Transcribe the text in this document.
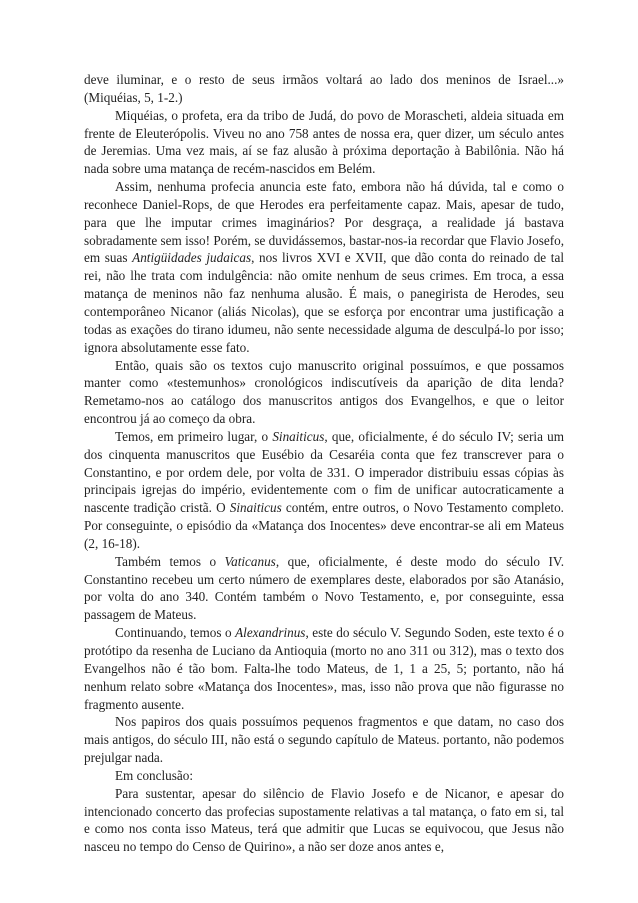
deve iluminar, e o resto de seus irmãos voltará ao lado dos meninos de Israel...» (Miquéias, 5, 1-2.)

Miquéias, o profeta, era da tribo de Judá, do povo de Morascheti, aldeia situada em frente de Eleuterópolis. Viveu no ano 758 antes de nossa era, quer dizer, um século antes de Jeremias. Uma vez mais, aí se faz alusão à próxima deportação à Babilônia. Não há nada sobre uma matança de recém-nascidos em Belém.

Assim, nenhuma profecia anuncia este fato, embora não há dúvida, tal e como o reconhece Daniel-Rops, de que Herodes era perfeitamente capaz. Mais, apesar de tudo, para que lhe imputar crimes imaginários? Por desgraça, a realidade já bastava sobradamente sem isso! Porém, se duvidássemos, bastar-nos-ia recordar que Flavio Josefo, em suas Antigüidades judaicas, nos livros XVI e XVII, que dão conta do reinado de tal rei, não lhe trata com indulgência: não omite nenhum de seus crimes. Em troca, a essa matança de meninos não faz nenhuma alusão. É mais, o panegirista de Herodes, seu contemporâneo Nicanor (aliás Nicolas), que se esforça por encontrar uma justificação a todas as exações do tirano idumeu, não sente necessidade alguma de desculpá-lo por isso; ignora absolutamente esse fato.

Então, quais são os textos cujo manuscrito original possuímos, e que possamos manter como «testemunhos» cronológicos indiscutíveis da aparição de dita lenda? Remetamo-nos ao catálogo dos manuscritos antigos dos Evangelhos, e que o leitor encontrou já ao começo da obra.

Temos, em primeiro lugar, o Sinaiticus, que, oficialmente, é do século IV; seria um dos cinquenta manuscritos que Eusébio da Cesaréia conta que fez transcrever para o Constantino, e por ordem dele, por volta de 331. O imperador distribuiu essas cópias às principais igrejas do império, evidentemente com o fim de unificar autocraticamente a nascente tradição cristã. O Sinaiticus contém, entre outros, o Novo Testamento completo. Por conseguinte, o episódio da «Matança dos Inocentes» deve encontrar-se ali em Mateus (2, 16-18).

Também temos o Vaticanus, que, oficialmente, é deste modo do século IV. Constantino recebeu um certo número de exemplares deste, elaborados por são Atanásio, por volta do ano 340. Contém também o Novo Testamento, e, por conseguinte, essa passagem de Mateus.

Continuando, temos o Alexandrinus, este do século V. Segundo Soden, este texto é o protótipo da resenha de Luciano da Antioquia (morto no ano 311 ou 312), mas o texto dos Evangelhos não é tão bom. Falta-lhe todo Mateus, de 1, 1 a 25, 5; portanto, não há nenhum relato sobre «Matança dos Inocentes», mas, isso não prova que não figurasse no fragmento ausente.

Nos papiros dos quais possuímos pequenos fragmentos e que datam, no caso dos mais antigos, do século III, não está o segundo capítulo de Mateus. portanto, não podemos prejulgar nada.

Em conclusão:

Para sustentar, apesar do silêncio de Flavio Josefo e de Nicanor, e apesar do intencionado concerto das profecias supostamente relativas a tal matança, o fato em si, tal e como nos conta isso Mateus, terá que admitir que Lucas se equivocou, que Jesus não nasceu no tempo do Censo de Quirino», a não ser doze anos antes e,
